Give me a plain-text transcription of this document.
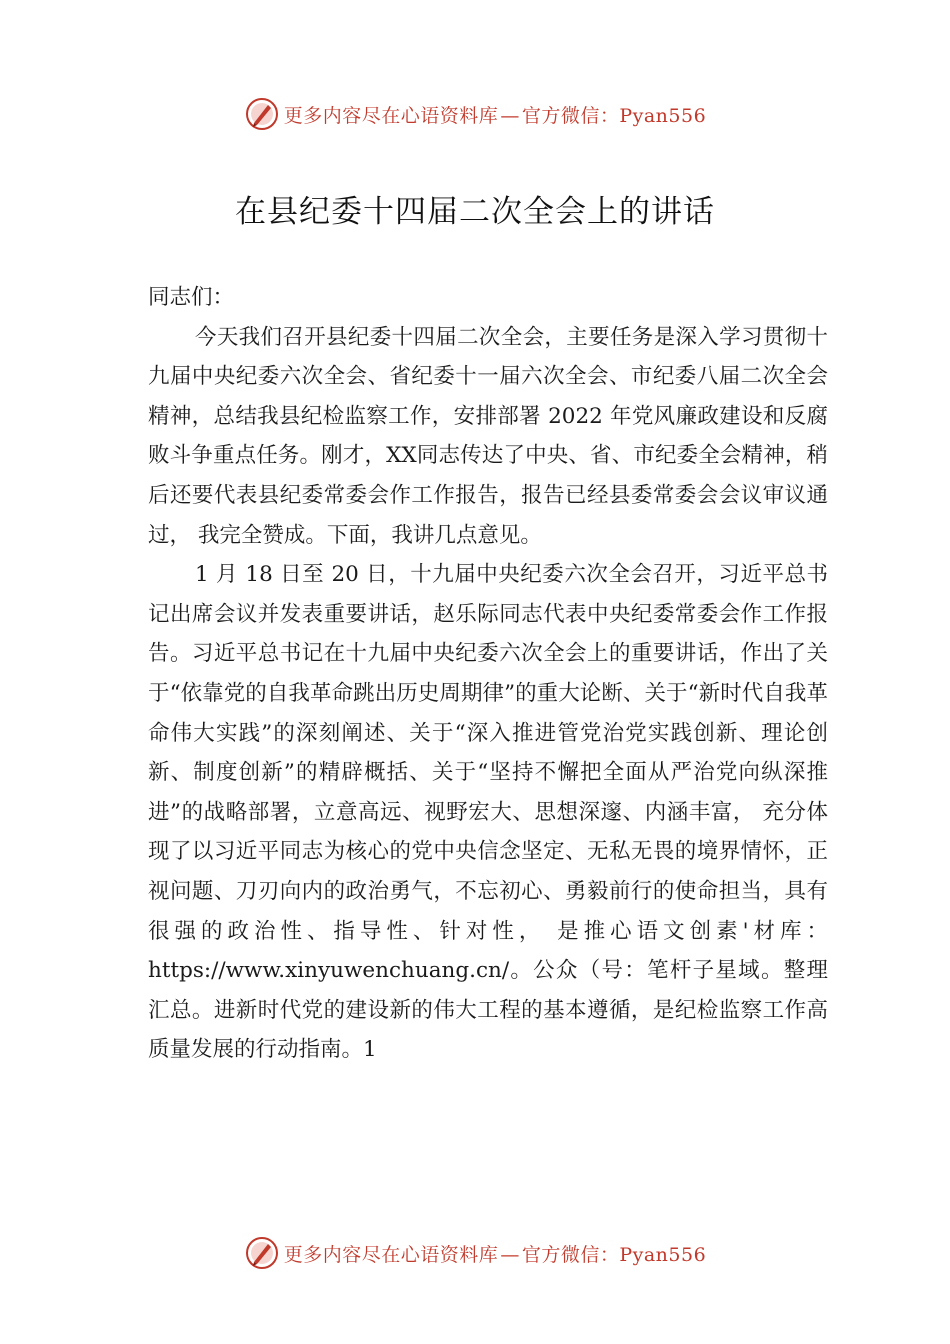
更多内容尽在心语资料库 — 官方微信：Pyan556
在县纪委十四届二次全会上的讲话

同志们：

今天我们召开县纪委十四届二次全会，主要任务是深入学习贯彻十九届中央纪委六次全会、省纪委十一届六次全会、市纪委八届二次全会精神，总结我县纪检监察工作，安排部署 2022 年党风廉政建设和反腐败斗争重点任务。刚才，XX同志传达了中央、省、市纪委全会精神，稍后还要代表县纪委常委会作工作报告，报告已经县委常委会会议审议通过， 我完全赞成。下面，我讲几点意见。

1 月 18 日至 20 日，十九届中央纪委六次全会召开，习近平总书记出席会议并发表重要讲话，赵乐际同志代表中央纪委常委会作工作报告。习近平总书记在十九届中央纪委六次全会上的重要讲话，作出了关于“依靠党的自我革命跳出历史周期律”的重大论断、关于“新时代自我革命伟大实践”的深刻阐述、关于“深入推进管党治党实践创新、理论创新、制度创新”的精辟概括、关于“坚持不懈把全面从严治党向纵深推进”的战略部署，立意高远、视野宏大、思想深邃、内涵丰富， 充分体现了以习近平同志为核心的党中央信念坚定、无私无畏的境界情怀，正视问题、刀刃向内的政治勇气，不忘初心、勇毅前行的使命担当，具有很强的政治性、指导性、针对性， 是推心语文创素'材库：https://www.xinyuwenchuang.cn/。公众（号：笔杆子星域。整理汇总。进新时代党的建设新的伟大工程的基本遵循，是纪检监察工作高质量发展的行动指南。1

更多内容尽在心语资料库 — 官方微信：Pyan556
